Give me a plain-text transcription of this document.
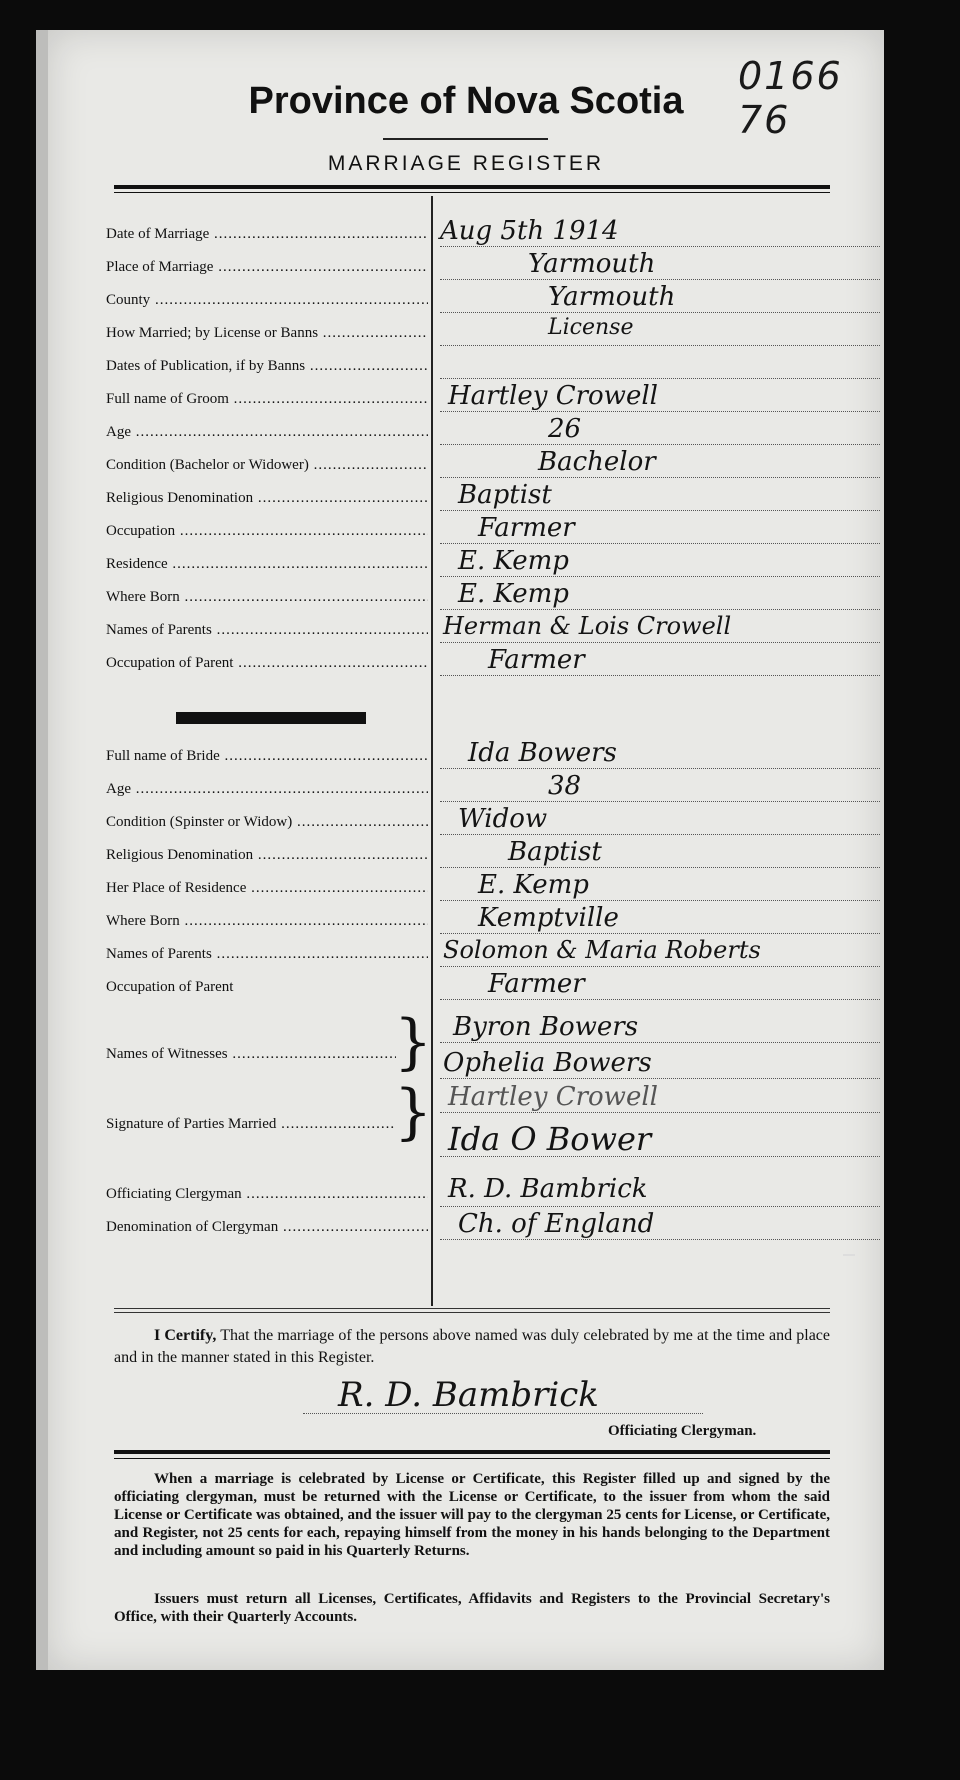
0166 76
Province of Nova Scotia
MARRIAGE REGISTER
Date of Marriage .....	Aug 5th 1914
Place of Marriage .....	Yarmouth
County .....	Yarmouth
How Married; by License or Banns .....	License
Dates of Publication, if by Banns .....
Full name of Groom .....	Hartley Crowell
Age .....	26
Condition (Bachelor or Widower) .....	Bachelor
Religious Denomination .....	Baptist
Occupation .....	Farmer
Residence .....	E. Kemp
Where Born .....	E. Kemp
Names of Parents .....	Herman & Lois Crowell
Occupation of Parent .....	Farmer
Full name of Bride .....	Ida Bowers
Age .....	38
Condition (Spinster or Widow) .....	Widow
Religious Denomination .....	Baptist
Her Place of Residence .....	E. Kemp
Where Born .....	Kemptville
Names of Parents .....	Solomon & Maria Roberts
Occupation of Parent	Farmer
Names of Witnesses .....	} Byron Bowers
Ophelia Bowers
Signature of Parties Married .....	} Hartley Crowell
Ida O Bower
Officiating Clergyman .....	R. D. Bambrick
Denomination of Clergyman .....	Ch. of England
I Certify, That the marriage of the persons above named was duly celebrated by me at the time and place and in the manner stated in this Register.
R. D. Bambrick
Officiating Clergyman.
When a marriage is celebrated by License or Certificate, this Register filled up and signed by the officiating clergyman, must be returned with the License or Certificate, to the issuer from whom the said License or Certificate was obtained, and the issuer will pay to the clergyman 25 cents for License, or Certificate, and Register, not 25 cents for each, repaying himself from the money in his hands belonging to the Department and including amount so paid in his Quarterly Returns.
Issuers must return all Licenses, Certificates, Affidavits and Registers to the Provincial Secretary's Office, with their Quarterly Accounts.
